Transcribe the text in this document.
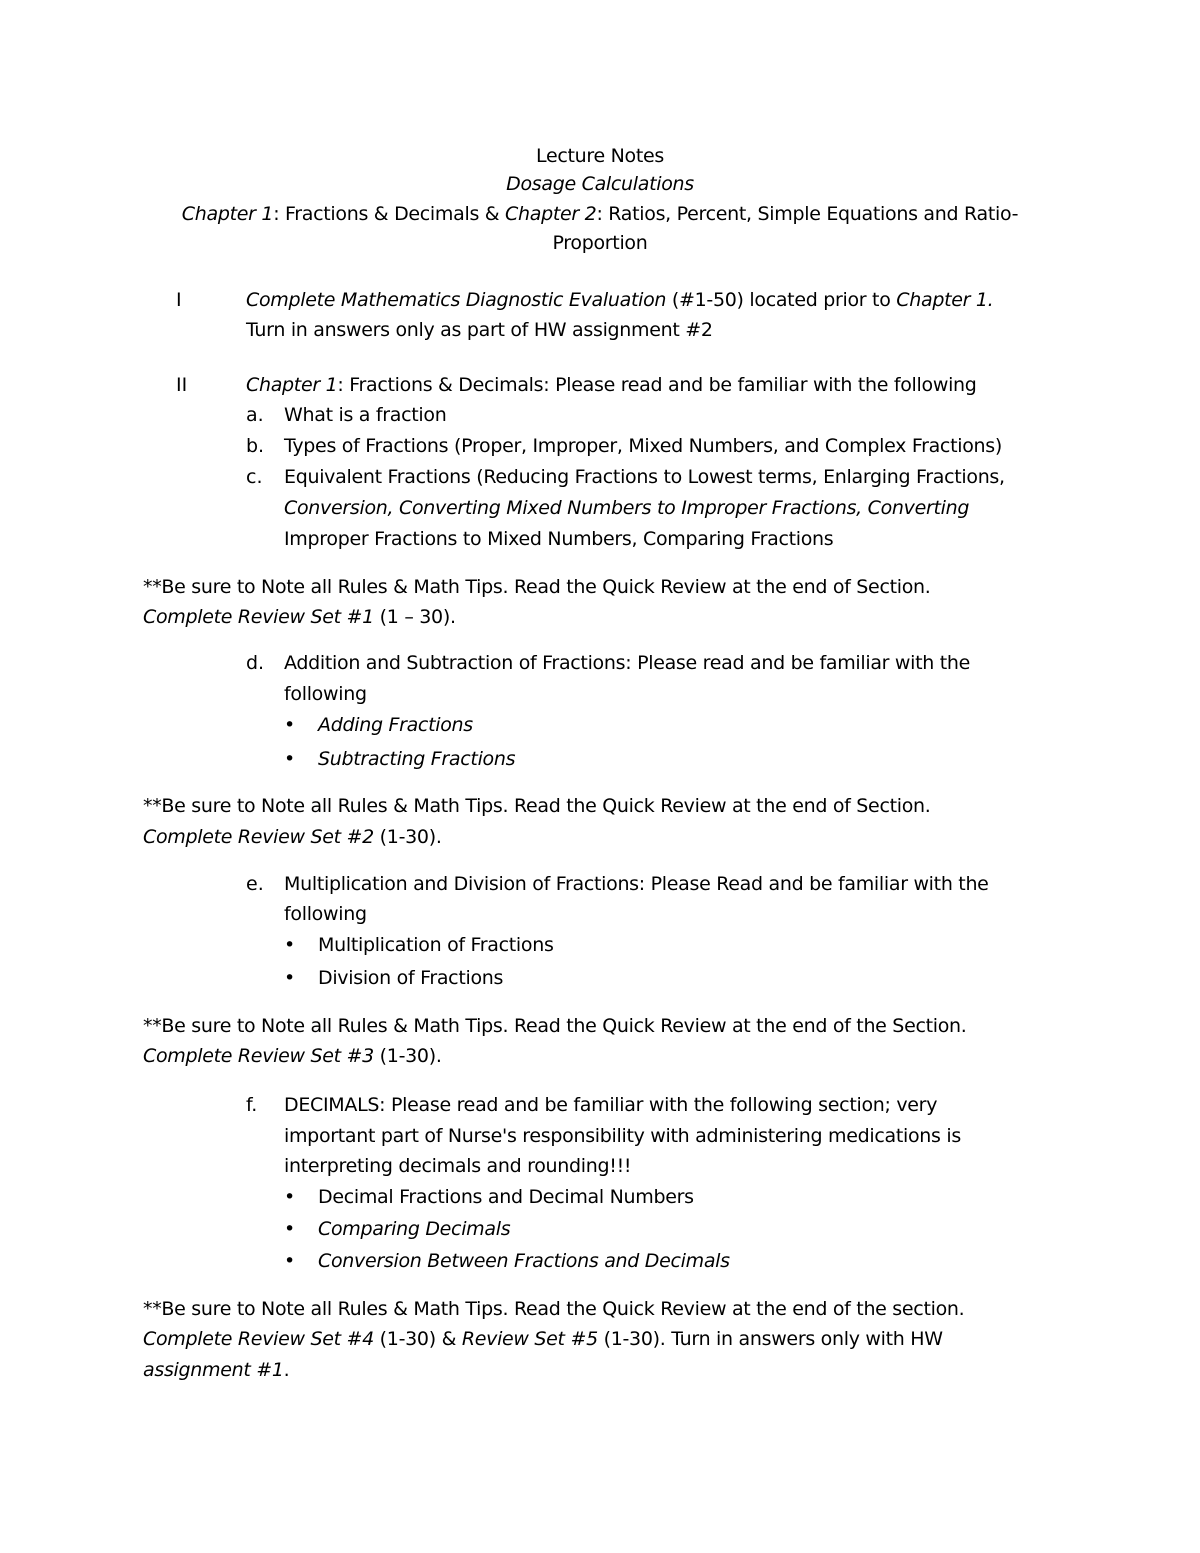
Lecture Notes
Dosage Calculations
Chapter 1: Fractions & Decimals & Chapter 2: Ratios, Percent, Simple Equations and Ratio-
Proportion
I	Complete Mathematics Diagnostic Evaluation (#1-50) located prior to Chapter 1.
Turn in answers only as part of HW assignment #2
II	Chapter 1: Fractions & Decimals: Please read and be familiar with the following
a. What is a fraction
b. Types of Fractions (Proper, Improper, Mixed Numbers, and Complex Fractions)
c. Equivalent Fractions (Reducing Fractions to Lowest terms, Enlarging Fractions,
Conversion, Converting Mixed Numbers to Improper Fractions, Converting
Improper Fractions to Mixed Numbers, Comparing Fractions
**Be sure to Note all Rules & Math Tips. Read the Quick Review at the end of Section.
Complete Review Set #1 (1 – 30).
d. Addition and Subtraction of Fractions: Please read and be familiar with the
following
• Adding Fractions
• Subtracting Fractions
**Be sure to Note all Rules & Math Tips. Read the Quick Review at the end of Section.
Complete Review Set #2 (1-30).
e. Multiplication and Division of Fractions: Please Read and be familiar with the
following
• Multiplication of Fractions
• Division of Fractions
**Be sure to Note all Rules & Math Tips. Read the Quick Review at the end of the Section.
Complete Review Set #3 (1-30).
f. DECIMALS: Please read and be familiar with the following section; very
important part of Nurse's responsibility with administering medications is
interpreting decimals and rounding!!!
• Decimal Fractions and Decimal Numbers
• Comparing Decimals
• Conversion Between Fractions and Decimals
**Be sure to Note all Rules & Math Tips. Read the Quick Review at the end of the section.
Complete Review Set #4 (1-30) & Review Set #5 (1-30). Turn in answers only with HW
assignment #1.
